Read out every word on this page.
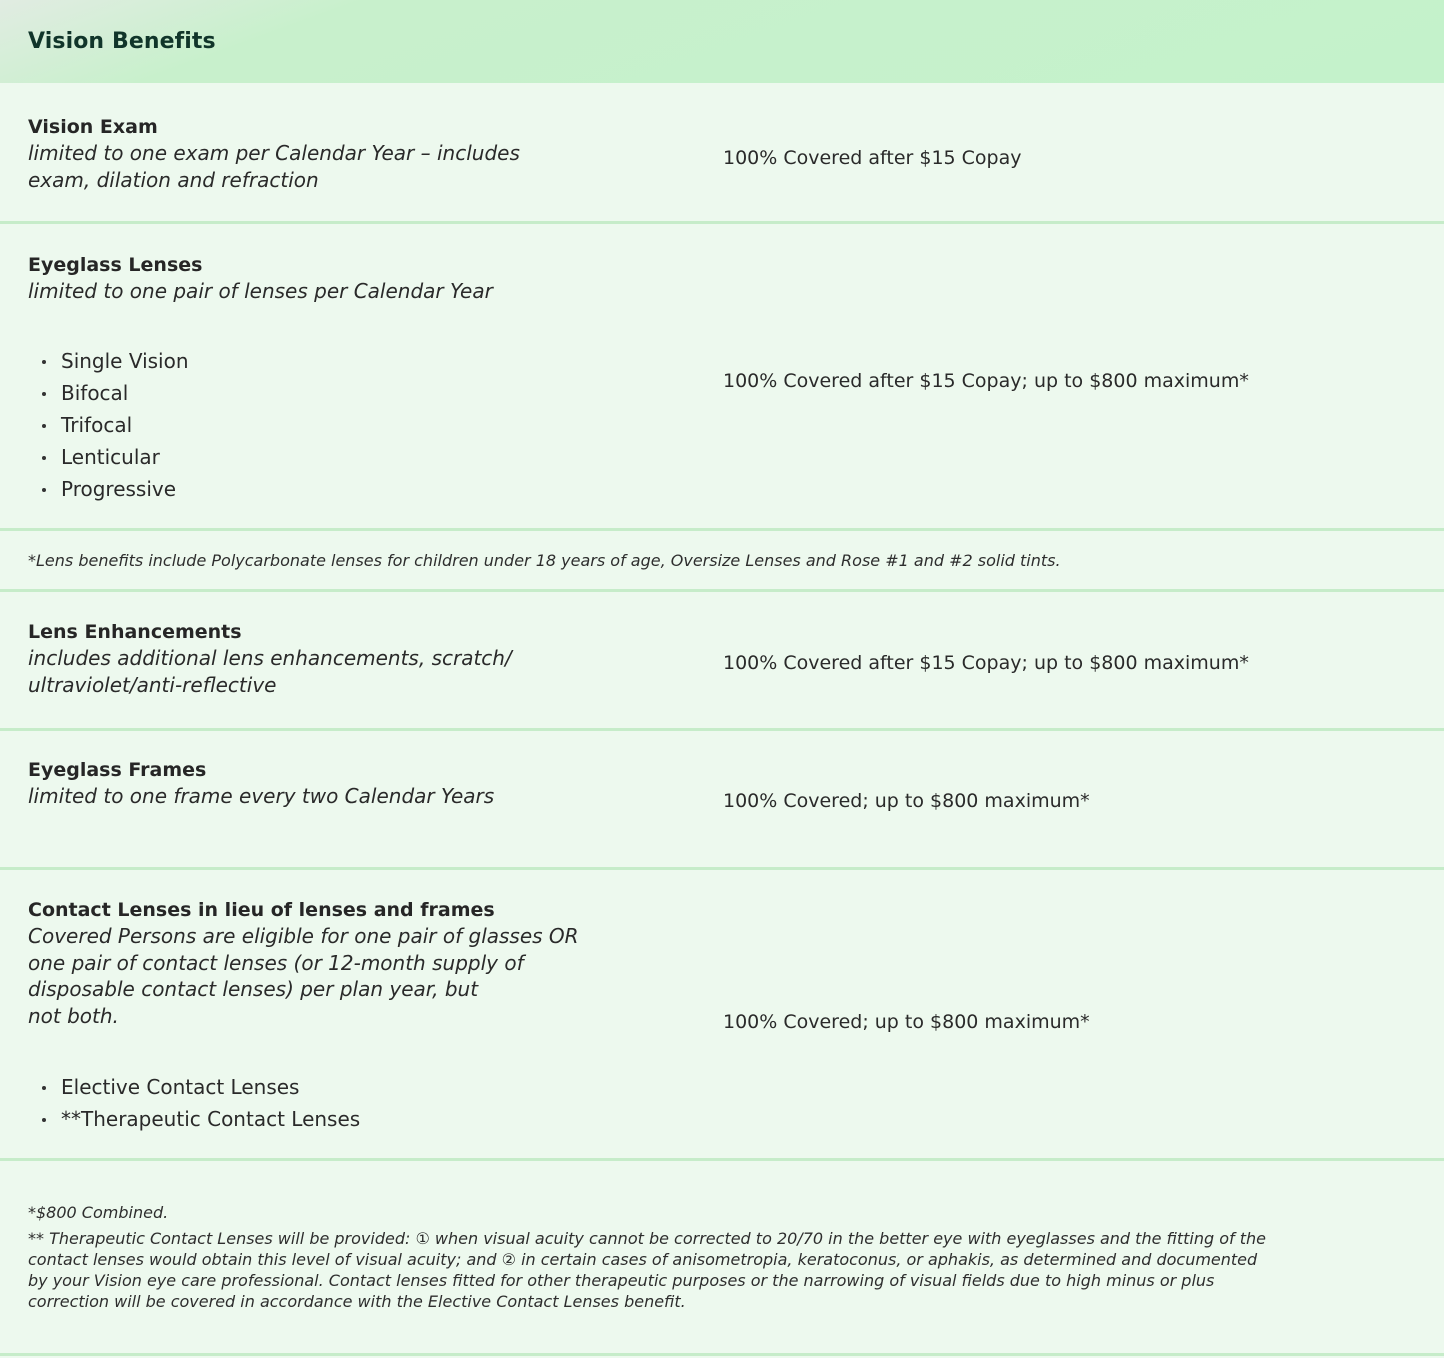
Vision Benefits
Vision Exam
limited to one exam per Calendar Year – includes
exam, dilation and refraction
100% Covered after $15 Copay
Eyeglass Lenses
limited to one pair of lenses per Calendar Year
Single Vision
Bifocal
Trifocal
Lenticular
Progressive
100% Covered after $15 Copay; up to $800 maximum*
*Lens benefits include Polycarbonate lenses for children under 18 years of age, Oversize Lenses and Rose #1 and #2 solid tints.
Lens Enhancements
includes additional lens enhancements, scratch/
ultraviolet/anti-reflective
100% Covered after $15 Copay; up to $800 maximum*
Eyeglass Frames
limited to one frame every two Calendar Years	100% Covered; up to $800 maximum*
Contact Lenses in lieu of lenses and frames
Covered Persons are eligible for one pair of glasses OR
one pair of contact lenses (or 12-month supply of
disposable contact lenses) per plan year, but
not both.
Elective Contact Lenses
**Therapeutic Contact Lenses
100% Covered; up to $800 maximum*

*$800 Combined.

** Therapeutic Contact Lenses will be provided: ① when visual acuity cannot be corrected to 20/70 in the better eye with eyeglasses and the fitting of the

contact lenses would obtain this level of visual acuity; and ② in certain cases of anisometropia, keratoconus, or aphakis, as determined and documented

by your Vision eye care professional. Contact lenses fitted for other therapeutic purposes or the narrowing of visual fields due to high minus or plus

correction will be covered in accordance with the Elective Contact Lenses benefit.
